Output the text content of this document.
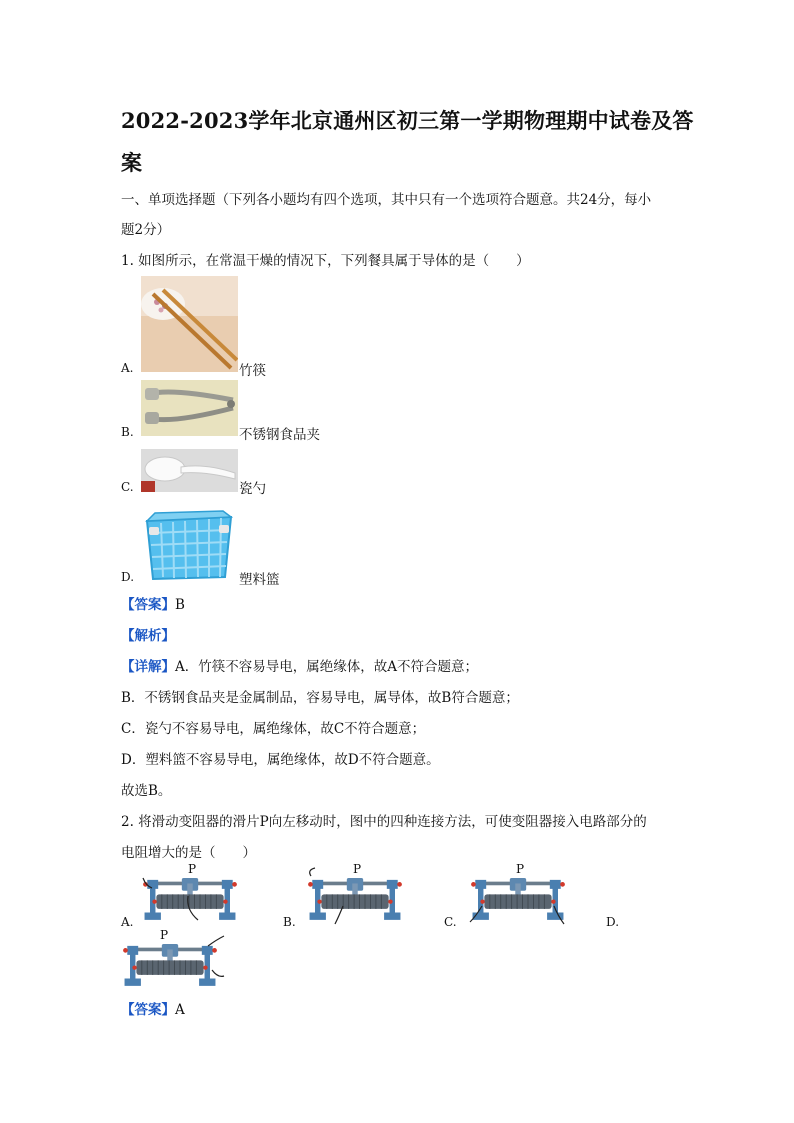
2022-2023学年北京通州区初三第一学期物理期中试卷及答
案
一、单项选择题（下列各小题均有四个选项，其中只有一个选项符合题意。共24分，每小
题2分）
1. 如图所示，在常温干燥的情况下，下列餐具属于导体的是（　　）
A.	竹筷
B.	不锈钢食品夹
C.	瓷勺
D.	塑料篮
【答案】B
【解析】
【详解】A．竹筷不容易导电，属绝缘体，故A不符合题意；
B．不锈钢食品夹是金属制品，容易导电，属导体，故B符合题意；
C．瓷勺不容易导电，属绝缘体，故C不符合题意；
D．塑料篮不容易导电，属绝缘体，故D不符合题意。
故选B。
2. 将滑动变阻器的滑片P向左移动时，图中的四种连接方法，可使变阻器接入电路部分的
电阻增大的是（　　）
P
A.
P
B.
P
C.	D.
P
【答案】A
